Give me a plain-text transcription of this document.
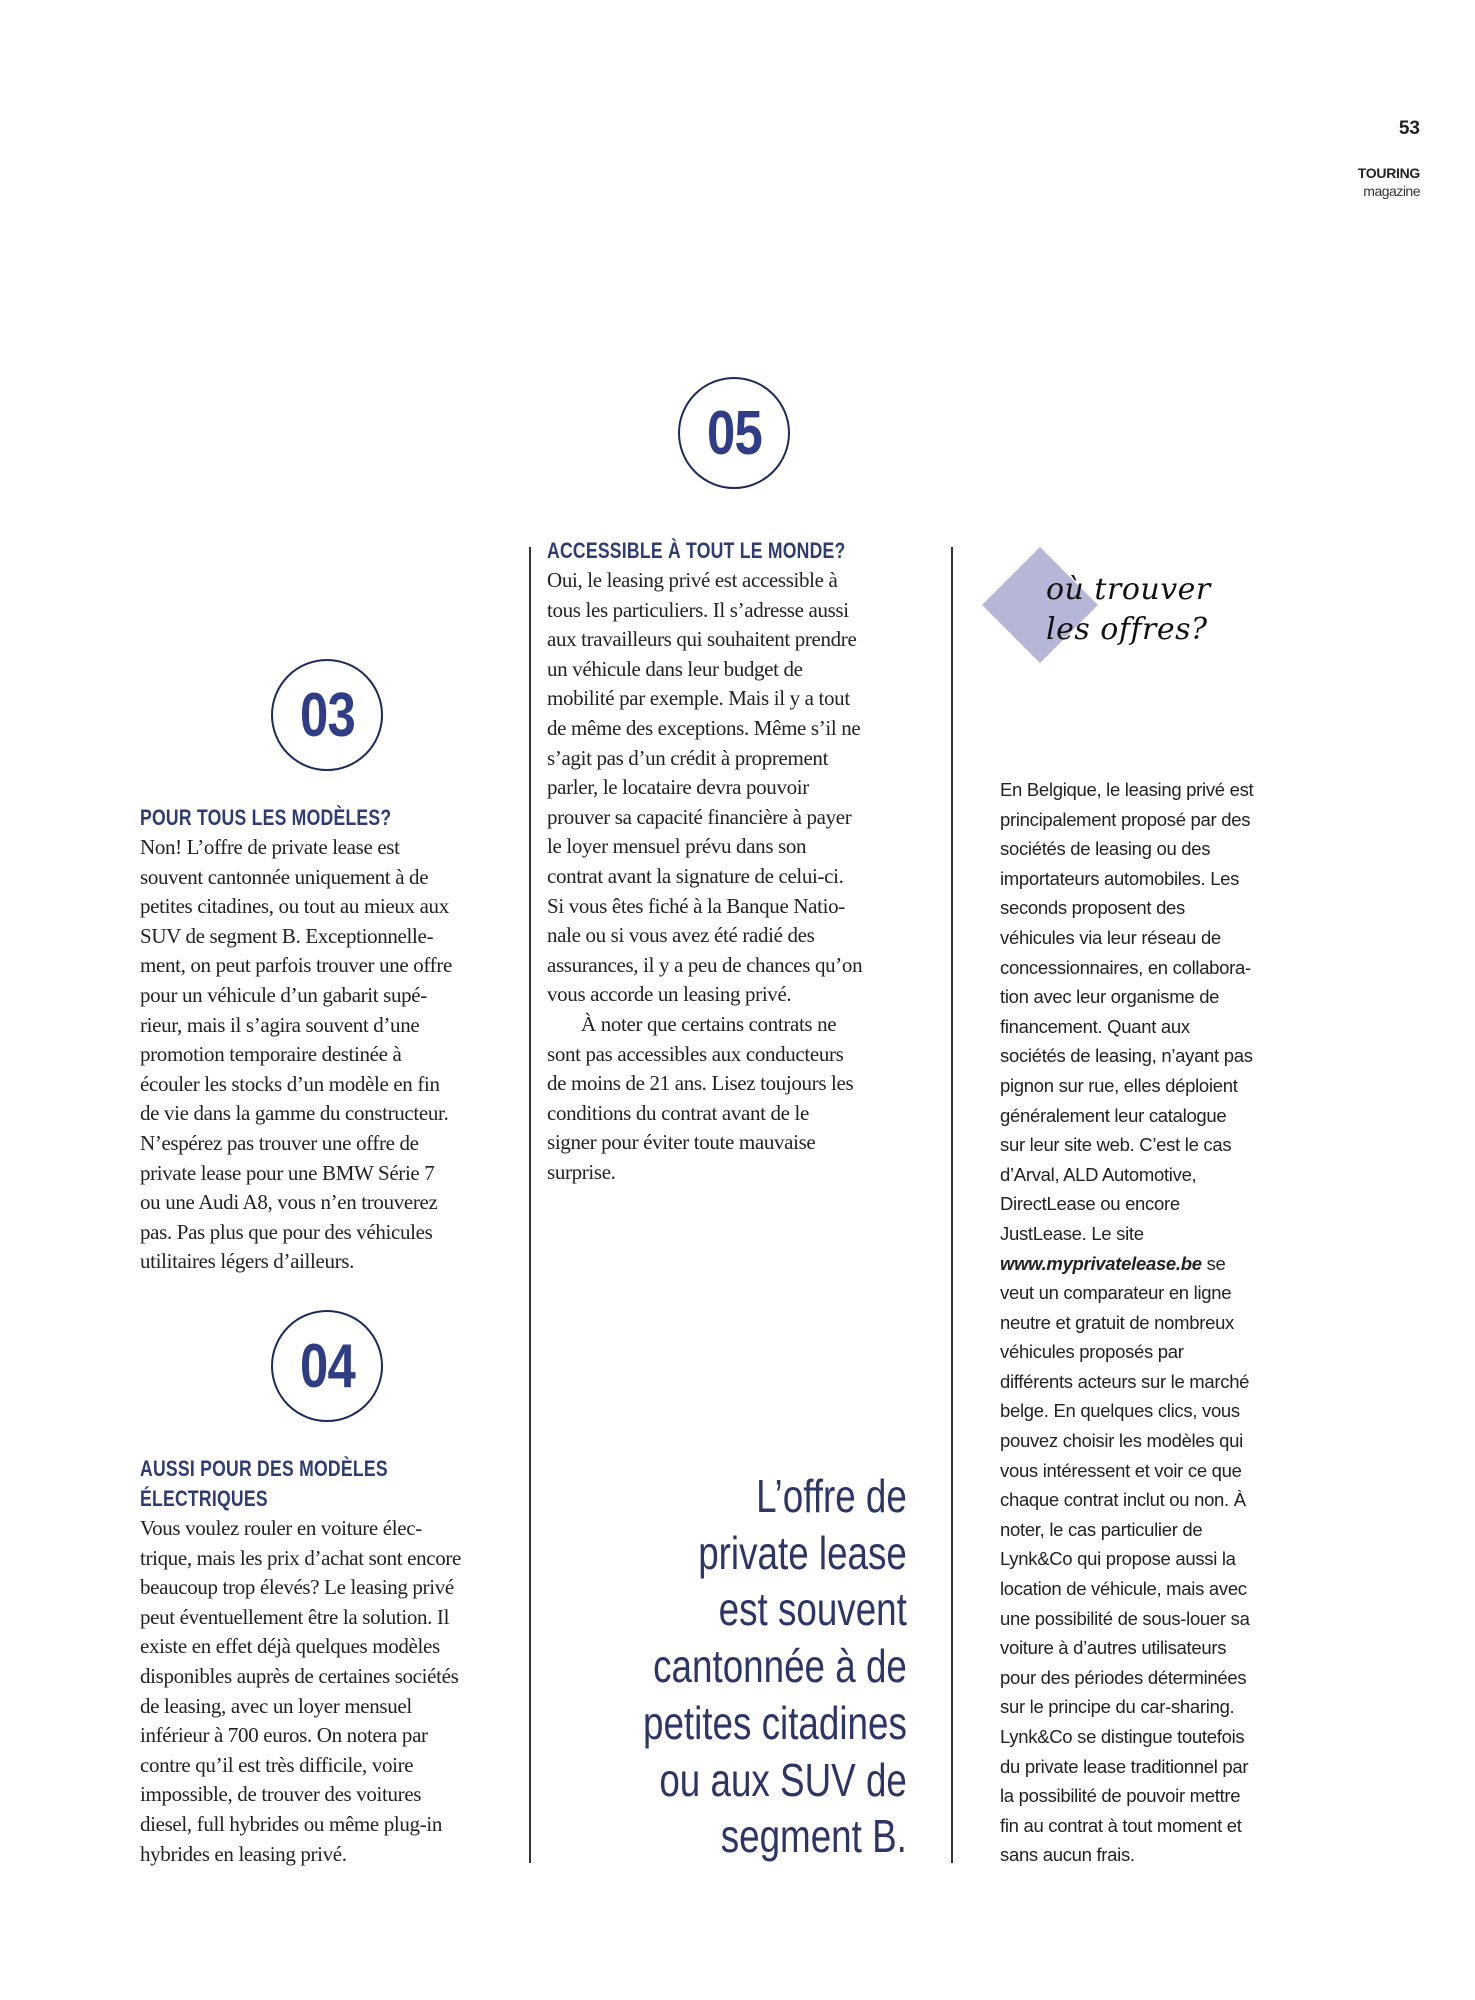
53
TOURING
magazine
05
ACCESSIBLE À TOUT LE MONDE?
Oui, le leasing privé est accessible à
tous les particuliers. Il s’adresse aussi
aux travailleurs qui souhaitent prendre
un véhicule dans leur budget de
mobilité par exemple. Mais il y a tout
de même des exceptions. Même s’il ne
s’agit pas d’un crédit à proprement
parler, le locataire devra pouvoir
prouver sa capacité financière à payer
le loyer mensuel prévu dans son
contrat avant la signature de celui-ci.
Si vous êtes fiché à la Banque Natio-
nale ou si vous avez été radié des
assurances, il y a peu de chances qu’on
vous accorde un leasing privé.
À noter que certains contrats ne
sont pas accessibles aux conducteurs
de moins de 21 ans. Lisez toujours les
conditions du contrat avant de le
signer pour éviter toute mauvaise
surprise.
03
POUR TOUS LES MODÈLES?
Non! L’offre de private lease est
souvent cantonnée uniquement à de
petites citadines, ou tout au mieux aux
SUV de segment B. Exceptionnelle-
ment, on peut parfois trouver une offre
pour un véhicule d’un gabarit supé-
rieur, mais il s’agira souvent d’une
promotion temporaire destinée à
écouler les stocks d’un modèle en fin
de vie dans la gamme du constructeur.
N’espérez pas trouver une offre de
private lease pour une BMW Série 7
ou une Audi A8, vous n’en trouverez
pas. Pas plus que pour des véhicules
utilitaires légers d’ailleurs.
04
AUSSI POUR DES MODÈLES
ÉLECTRIQUES
Vous voulez rouler en voiture élec-
trique, mais les prix d’achat sont encore
beaucoup trop élevés? Le leasing privé
peut éventuellement être la solution. Il
existe en effet déjà quelques modèles
disponibles auprès de certaines sociétés
de leasing, avec un loyer mensuel
inférieur à 700 euros. On notera par
contre qu’il est très difficile, voire
impossible, de trouver des voitures
diesel, full hybrides ou même plug-in
hybrides en leasing privé.
L’offre de
private lease
est souvent
cantonnée à de
petites citadines
ou aux SUV de
segment B.
où trouver
les offres?
En Belgique, le leasing privé est
principalement proposé par des
sociétés de leasing ou des
importateurs automobiles. Les
seconds proposent des
véhicules via leur réseau de
concessionnaires, en collabora-
tion avec leur organisme de
financement. Quant aux
sociétés de leasing, n’ayant pas
pignon sur rue, elles déploient
généralement leur catalogue
sur leur site web. C’est le cas
d’Arval, ALD Automotive,
DirectLease ou encore
JustLease. Le site
www.myprivatelease.be se
veut un comparateur en ligne
neutre et gratuit de nombreux
véhicules proposés par
différents acteurs sur le marché
belge. En quelques clics, vous
pouvez choisir les modèles qui
vous intéressent et voir ce que
chaque contrat inclut ou non. À
noter, le cas particulier de
Lynk&Co qui propose aussi la
location de véhicule, mais avec
une possibilité de sous-louer sa
voiture à d’autres utilisateurs
pour des périodes déterminées
sur le principe du car-sharing.
Lynk&Co se distingue toutefois
du private lease traditionnel par
la possibilité de pouvoir mettre
fin au contrat à tout moment et
sans aucun frais.
